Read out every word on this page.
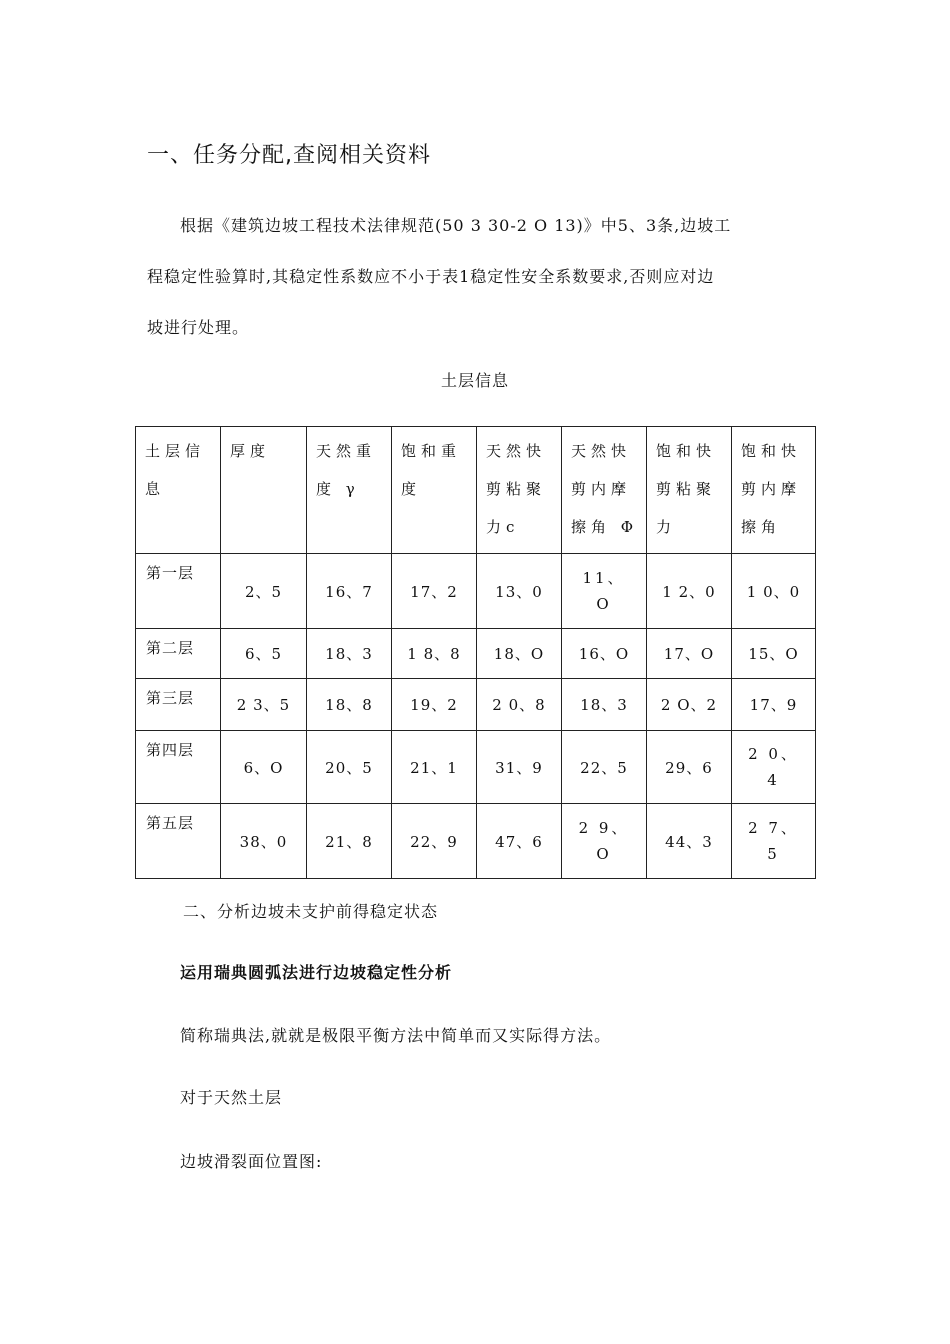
一、任务分配,查阅相关资料
根据《建筑边坡工程技术法律规范(50 3 30-2 O 13)》中5、3条,边坡工
程稳定性验算时,其稳定性系数应不小于表1稳定性安全系数要求,否则应对边
坡进行处理。
土层信息
土层信息	厚度	天然重度 γ	饱和重度	天然快剪粘聚力c	天然快剪内摩擦角 Φ	饱和快剪粘聚力	饱和快剪内摩擦角

第一层	2、5	16、7	17、2	13、0	11、O	1 2、0	1 0、0
第二层	6、5	18、3	1 8、8	18、O	16、O	17、O	15、O
第三层	2 3、5	18、8	19、2	2 0、8	18、3	2 O、2	17、9
第四层	6、O	20、5	21、1	31、9	22、5	29、6	2 0、4

第五层	38、0	21、8	22、9	47、6	2 9、O	44、3	2 7、5
二、分析边坡未支护前得稳定状态
运用瑞典圆弧法进行边坡稳定性分析
简称瑞典法,就就是极限平衡方法中简单而又实际得方法。
对于天然土层
边坡滑裂面位置图:
